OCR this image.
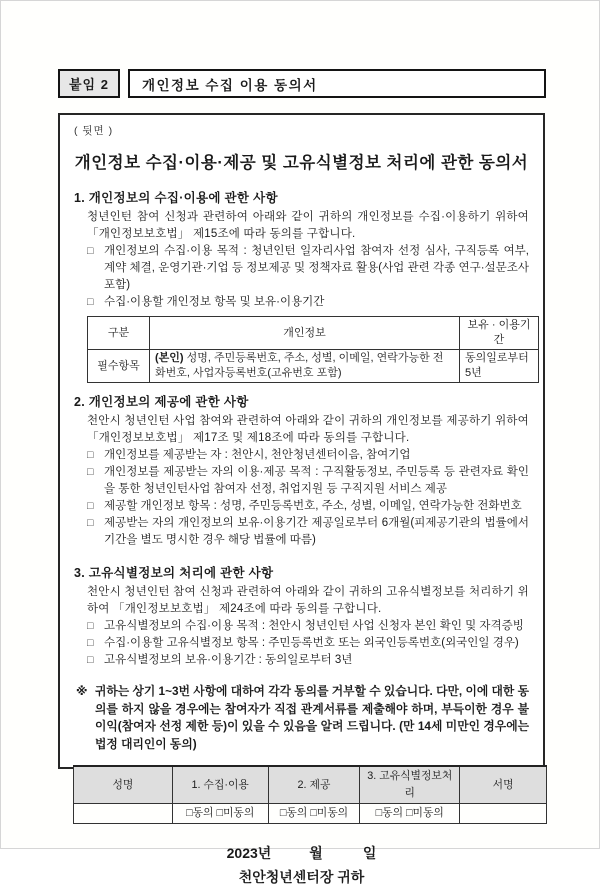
붙임 2	개인정보 수집 이용 동의서
( 뒷면 )
개인정보 수집·이용·제공 및 고유식별정보 처리에 관한 동의서
1. 개인정보의 수집·이용에 관한 사항
청년인턴 참여 신청과 관련하여 아래와 같이 귀하의 개인정보를 수집·이용하기 위하여 「개인정보보호법」 제15조에 따라 동의를 구합니다.
□ 개인정보의 수집·이용 목적 : 청년인턴 일자리사업 참여자 선정 심사, 구직등록 여부, 계약 체결, 운영기관·기업 등 정보제공 및 정책자료 활용(사업 관련 각종 연구·설문조사 포함)
□ 수집·이용할 개인정보 항목 및 보유·이용기간
구분	개인정보	보유 · 이용기간
필수항목	(본인) 성명, 주민등록번호, 주소, 성별, 이메일, 연락가능한 전화번호, 사업자등록번호(고유번호 포함)	동의일로부터 5년
2. 개인정보의 제공에 관한 사항
천안시 청년인턴 사업 참여와 관련하여 아래와 같이 귀하의 개인정보를 제공하기 위하여 「개인정보보호법」 제17조 및 제18조에 따라 동의를 구합니다.
□ 개인정보를 제공받는 자 : 천안시, 천안청년센터이음, 참여기업
□ 개인정보를 제공받는 자의 이용·제공 목적 : 구직활동정보, 주민등록 등 관련자료 확인을 통한 청년인턴사업 참여자 선정, 취업지원 등 구직지원 서비스 제공
□ 제공할 개인정보 항목 : 성명, 주민등록번호, 주소, 성별, 이메일, 연락가능한 전화번호
□ 제공받는 자의 개인정보의 보유·이용기간 제공일로부터 6개월(피제공기관의 법률에서 기간을 별도 명시한 경우 해당 법률에 따름)
3. 고유식별정보의 처리에 관한 사항
천안시 청년인턴 참여 신청과 관련하여 아래와 같이 귀하의 고유식별정보를 처리하기 위하여 「개인정보보호법」 제24조에 따라 동의를 구합니다.
□ 고유식별정보의 수집·이용 목적 : 천안시 청년인턴 사업 신청자 본인 확인 및 자격증빙
□ 수집·이용할 고유식별정보 항목 : 주민등록번호 또는 외국인등록번호(외국인일 경우)
□ 고유식별정보의 보유·이용기간 : 동의일로부터 3년
※ 귀하는 상기 1~3번 사항에 대하여 각각 동의를 거부할 수 있습니다. 다만, 이에 대한 동의를 하지 않을 경우에는 참여자가 직접 관계서류를 제출해야 하며, 부득이한 경우 불이익(참여자 선정 제한 등)이 있을 수 있음을 알려 드립니다. (만 14세 미만인 경우에는 법정 대리인이 동의)
성명	1. 수집·이용	2. 제공	3. 고유식별정보처리	서명
	□동의 □미동의	□동의 □미동의	□동의 □미동의	
2023년	월	일
천안청년센터장 귀하
